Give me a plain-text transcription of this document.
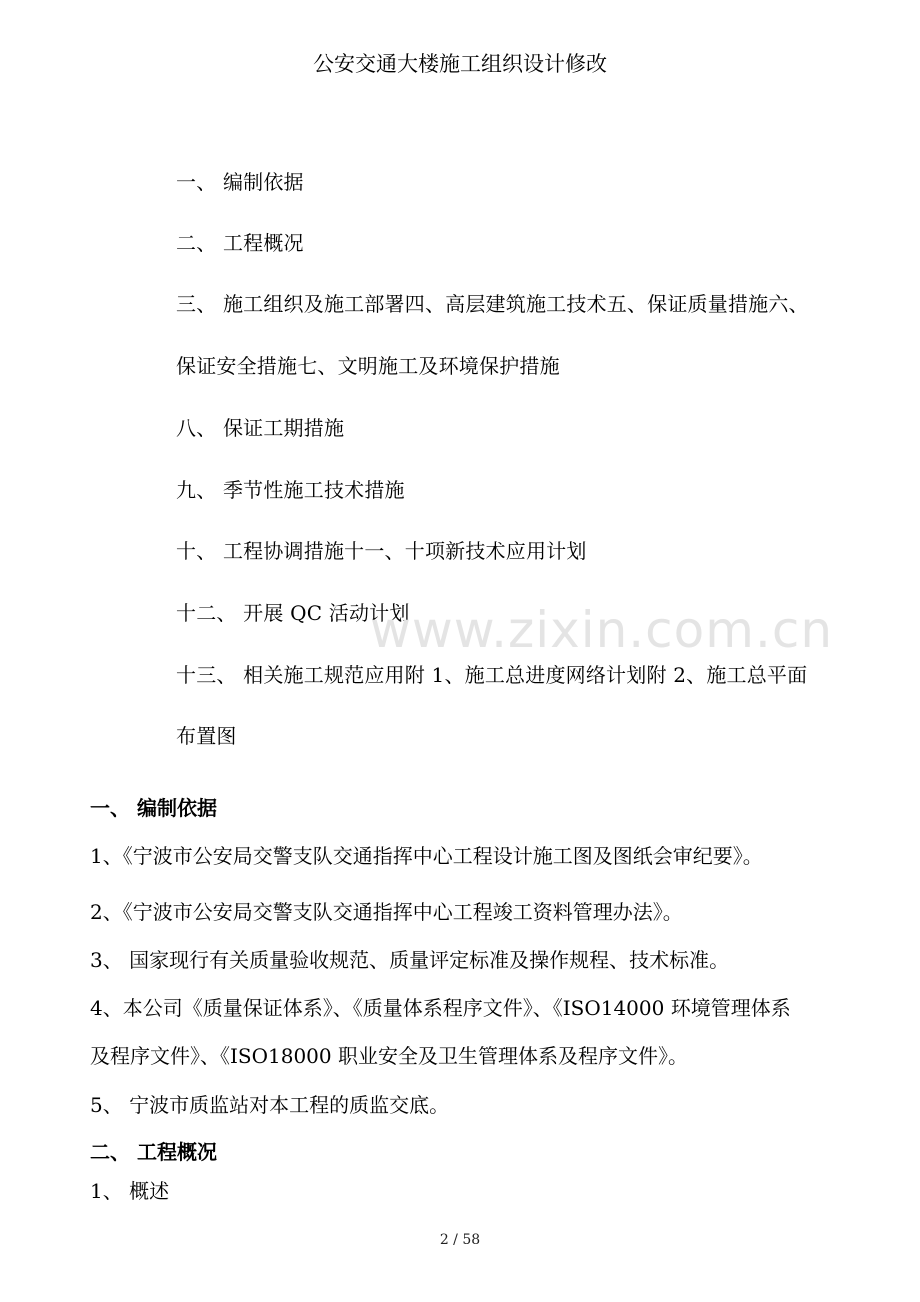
公安交通大楼施工组织设计修改
一、 编制依据
二、 工程概况
三、 施工组织及施工部署四、高层建筑施工技术五、保证质量措施六、
保证安全措施七、文明施工及环境保护措施
八、 保证工期措施
九、 季节性施工技术措施
十、 工程协调措施十一、十项新技术应用计划
十二、 开展 QC 活动计划
十三、 相关施工规范应用附 1、施工总进度网络计划附 2、施工总平面
布置图
一、 编制依据
1、《宁波市公安局交警支队交通指挥中心工程设计施工图及图纸会审纪要》。
2、《宁波市公安局交警支队交通指挥中心工程竣工资料管理办法》。
3、 国家现行有关质量验收规范、质量评定标准及操作规程、技术标准。
4、本公司《质量保证体系》、《质量体系程序文件》、《ISO14000 环境管理体系
及程序文件》、《ISO18000 职业安全及卫生管理体系及程序文件》。
5、 宁波市质监站对本工程的质监交底。
二、 工程概况
1、 概述
www.zixin.com.cn
2 / 58
